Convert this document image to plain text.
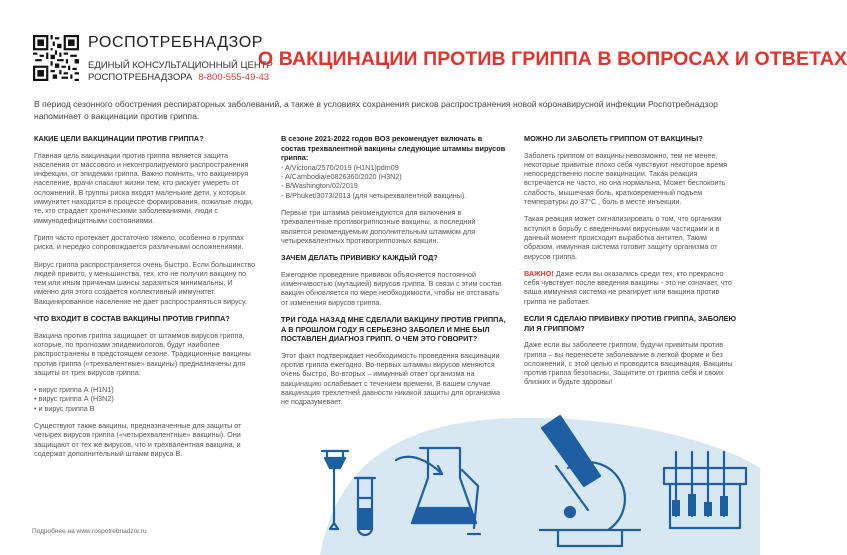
РОСПОТРЕБНАДЗОР
ЕДИНЫЙ КОНСУЛЬТАЦИОННЫЙ ЦЕНТР
РОСПОТРЕБНАДЗОРА 8-800-555-49-43
О ВАКЦИНАЦИИ ПРОТИВ ГРИППА В ВОПРОСАХ И ОТВЕТАХ
В период сезонного обострения респираторных заболеваний, а также в условиях сохранения рисков распространения новой коронавирусной инфекции Роспотребнадзор напоминает о вакцинации против гриппа.
КАКИЕ ЦЕЛИ ВАКЦИНАЦИИ ПРОТИВ ГРИППА?
Главная цель вакцинации против гриппа является защита населения от массового и неконтролируемого распространения инфекции, от эпидемии гриппа. Важно помнить, что вакцинируя население, врачи спасают жизни тем, кто рискует умереть от осложнений. В группы риска входят маленькие дети, у которых иммунитет находится в процессе формирования, пожилые люди, те, кто страдает хроническими заболеваниями, люди с иммунодефицитными состояниями.
Грипп часто протекает достаточно тяжело, особенно в группах риска, и нередко сопровождается различными осложнениями.
Вирус гриппа распространяется очень быстро. Если большинство людей привито, у меньшинства, тех, кто не получил вакцину по тем или иным причинам шансы заразиться минимальны, И именно для этого создается коллективный иммунитет. Вакцинированное население не дает распространяться вирусу.
ЧТО ВХОДИТ В СОСТАВ ВАКЦИНЫ ПРОТИВ ГРИППА?
Вакцина против гриппа защищает от штаммов вирусов гриппа, которые, по прогнозам эпидемиологов, будут наиболее распространены в предстоящем сезоне. Традиционные вакцины против гриппа («трехвалентные» вакцины) предназначены для защиты от трех вирусов гриппа:
• вирус гриппа А (H1N1)
• вирус гриппа А (H3N2)
• и вирус гриппа В
Существуют также вакцины, предназначенные для защиты от четырех вирусов гриппа («четырехвалентные» вакцины). Они защищают от тех же вирусов, что и трехвалентная вакцина, и содержат дополнительный штамм вируса В.
В сезоне 2021-2022 годов ВОЗ рекомендует включать в состав трехвалентной вакцины следующие штаммы вирусов гриппа:
- A/Victoria/2570/2019 (H1N1)pdm09
- A/Cambodia/e0826360/2020 (H3N2)
- B/Washington/02/2019
- B/Phuket/3073/2013 (для четырехвалентной вакцины).
Первые три штамма рекомендуются для включения в трехвалентные противогриппозные вакцины, а последний является рекомендуемым дополнительным штаммом для четырехвалентных противогриппозных вакцин.
ЗАЧЕМ ДЕЛАТЬ ПРИВИВКУ КАЖДЫЙ ГОД?
Ежегодное проведение прививок объясняется постоянной изменчивостью (мутацией) вирусов гриппа. В связи с этим состав вакцин обновляется по мере необходимости, чтобы не отставать от изменения вирусов гриппа.
ТРИ ГОДА НАЗАД МНЕ СДЕЛАЛИ ВАКЦИНУ ПРОТИВ ГРИППА, А В ПРОШЛОМ ГОДУ Я СЕРЬЕЗНО ЗАБОЛЕЛ И МНЕ БЫЛ ПОСТАВЛЕН ДИАГНОЗ ГРИПП. О ЧЕМ ЭТО ГОВОРИТ?
Этот факт подтверждает необходимость проведения вакцинации против гриппа ежегодно. Во-первых штаммы вирусов меняются очень быстро, Во-вторых – иммунный ответ организма на вакцинацию ослабевает с течением времени, В вашем случае вакцинация трехлетней давности никакой защиты для организма не подразумевает.
МОЖНО ЛИ ЗАБОЛЕТЬ ГРИППОМ ОТ ВАКЦИНЫ?
Заболеть гриппом от вакцины невозможно, тем не менее, некоторые привитые плохо себя чувствуют некоторое время непосредственно после вакцинации, Такая реакция встречается не часто, но она нормальна, Может беспокоить слабость, мышечная боль, кратковременный подъем температуры до 37°С , боль в месте инъекции.
Такая реакция может сигнализировать о том, что организм вступил в борьбу с введенными вирусными частицами и в данный момент происходит выработка антител, Таким образом, иммунная система готовит защиту организма от вирусов гриппа.
ВАЖНО! Даже если вы оказались среди тех, кто прекрасно себя чувствует после введения вакцины - это не означает, что ваша иммунная система не реагирует или вакцина против гриппа не работает.
ЕСЛИ Я СДЕЛАЮ ПРИВИВКУ ПРОТИВ ГРИППА, ЗАБОЛЕЮ ЛИ Я ГРИППОМ?
Даже если вы заболеете гриппом, будучи привитым против гриппа – вы перенесете заболевание в легкой форме и без осложнений, с этой целью и проводится вакцинация, Вакцины против гриппа безопасны, Защитите от гриппа себя и своих близких и будьте здоровы!
Подробнее на www.rospotrebnadzor.ru
